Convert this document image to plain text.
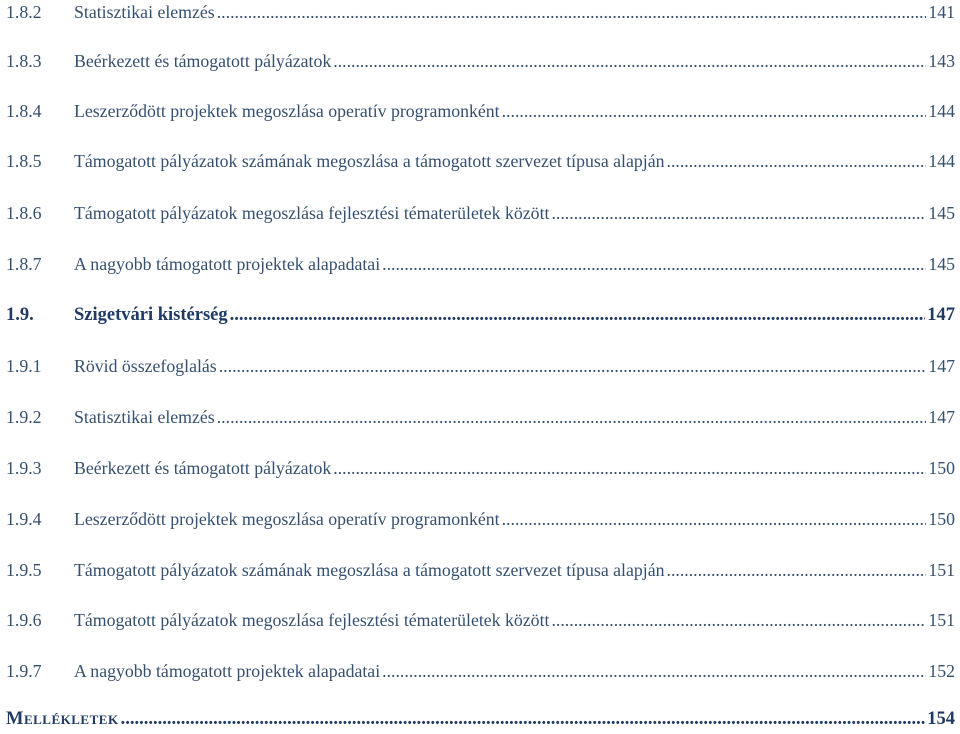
1.8.2	Statisztikai elemzés .....	141
1.8.3	Beérkezett és támogatott pályázatok .....	143
1.8.4	Leszerződött projektek megoszlása operatív programonként .....	144
1.8.5	Támogatott pályázatok számának megoszlása a támogatott szervezet típusa alapján .....	144
1.8.6	Támogatott pályázatok megoszlása fejlesztési tématerületek között .....	145
1.8.7	A nagyobb támogatott projektek alapadatai .....	145
1.9.	Szigetvári kistérség .....	147
1.9.1	Rövid összefoglalás .....	147
1.9.2	Statisztikai elemzés .....	147
1.9.3	Beérkezett és támogatott pályázatok .....	150
1.9.4	Leszerződött projektek megoszlása operatív programonként .....	150
1.9.5	Támogatott pályázatok számának megoszlása a támogatott szervezet típusa alapján .....	151
1.9.6	Támogatott pályázatok megoszlása fejlesztési tématerületek között .....	151
1.9.7	A nagyobb támogatott projektek alapadatai .....	152
Mellékletek .....	154
